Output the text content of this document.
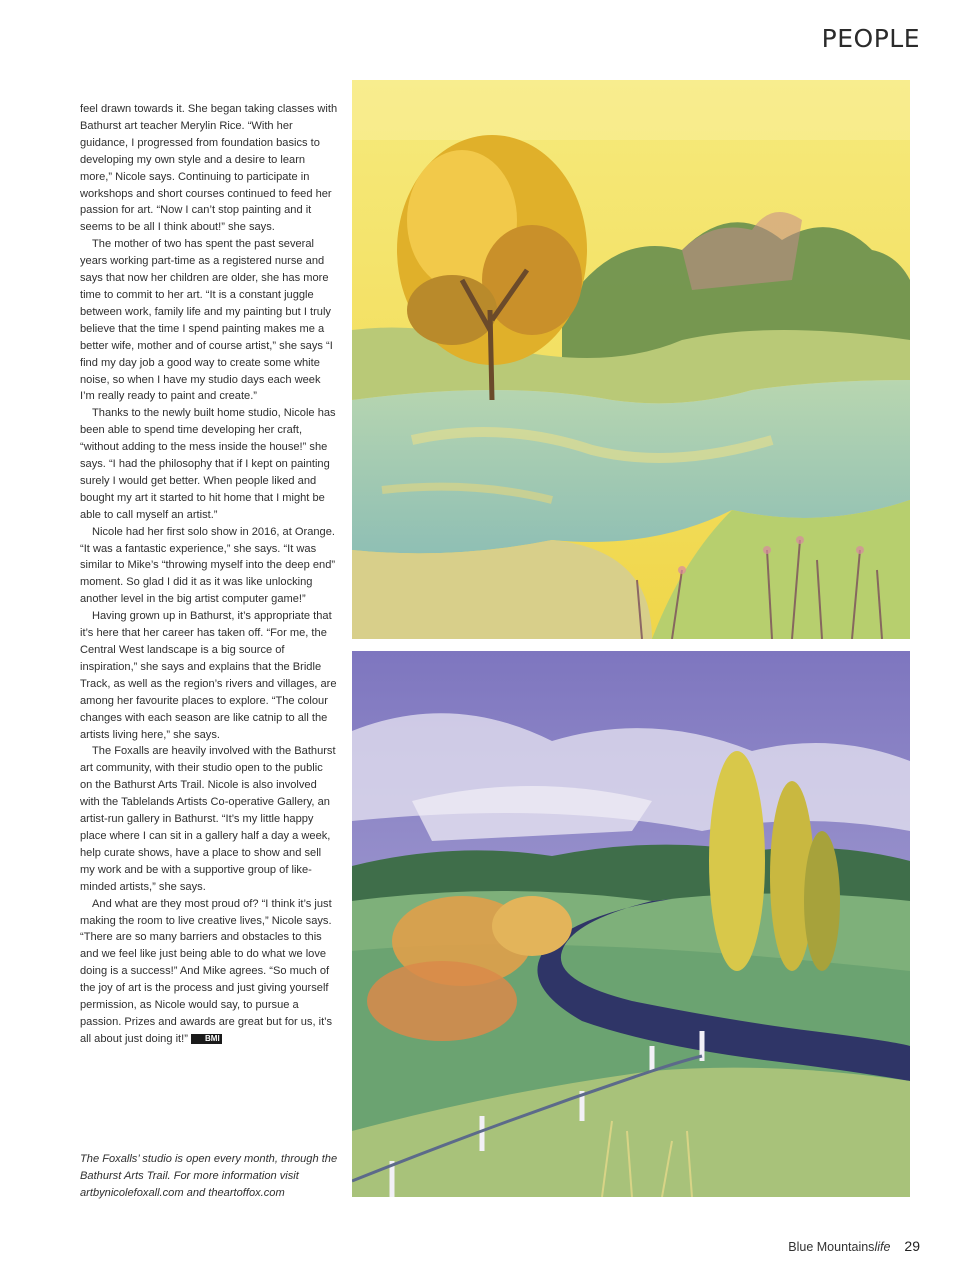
PEOPLE

feel drawn towards it. She began taking classes with Bathurst art teacher Merylin Rice. “With her guidance, I progressed from foundation basics to developing my own style and a desire to learn more,” Nicole says. Continuing to participate in workshops and short courses continued to feed her passion for art. “Now I can’t stop painting and it seems to be all I think about!” she says.

The mother of two has spent the past several years working part-time as a registered nurse and says that now her children are older, she has more time to commit to her art. “It is a constant juggle between work, family life and my painting but I truly believe that the time I spend painting makes me a better wife, mother and of course artist,” she says “I find my day job a good way to create some white noise, so when I have my studio days each week I’m really ready to paint and create.”

Thanks to the newly built home studio, Nicole has been able to spend time developing her craft, “without adding to the mess inside the house!” she says. “I had the philosophy that if I kept on painting surely I would get better. When people liked and bought my art it started to hit home that I might be able to call myself an artist.”

Nicole had her first solo show in 2016, at Orange. “It was a fantastic experience,” she says. “It was similar to Mike’s “throwing myself into the deep end” moment. So glad I did it as it was like unlocking another level in the big artist computer game!”

Having grown up in Bathurst, it’s appropriate that it’s here that her career has taken off. “For me, the Central West landscape is a big source of inspiration,” she says and explains that the Bridle Track, as well as the region’s rivers and villages, are among her favourite places to explore. “The colour changes with each season are like catnip to all the artists living here,” she says.

The Foxalls are heavily involved with the Bathurst art community, with their studio open to the public on the Bathurst Arts Trail. Nicole is also involved with the Tablelands Artists Co-operative Gallery, an artist-run gallery in Bathurst. “It’s my little happy place where I can sit in a gallery half a day a week, help curate shows, have a place to show and sell my work and be with a supportive group of like-minded artists,” she says.

And what are they most proud of? “I think it’s just making the room to live creative lives,” Nicole says. “There are so many barriers and obstacles to this and we feel like just being able to do what we love doing is a success!” And Mike agrees. “So much of the joy of art is the process and just giving yourself permission, as Nicole would say, to pursue a passion. Prizes and awards are great but for us, it’s all about just doing it!” BMl

The Foxalls’ studio is open every month, through the Bathurst Arts Trail. For more information visit artbynicolefoxall.com and theartoffox.com

Blue Mountainslife 29
